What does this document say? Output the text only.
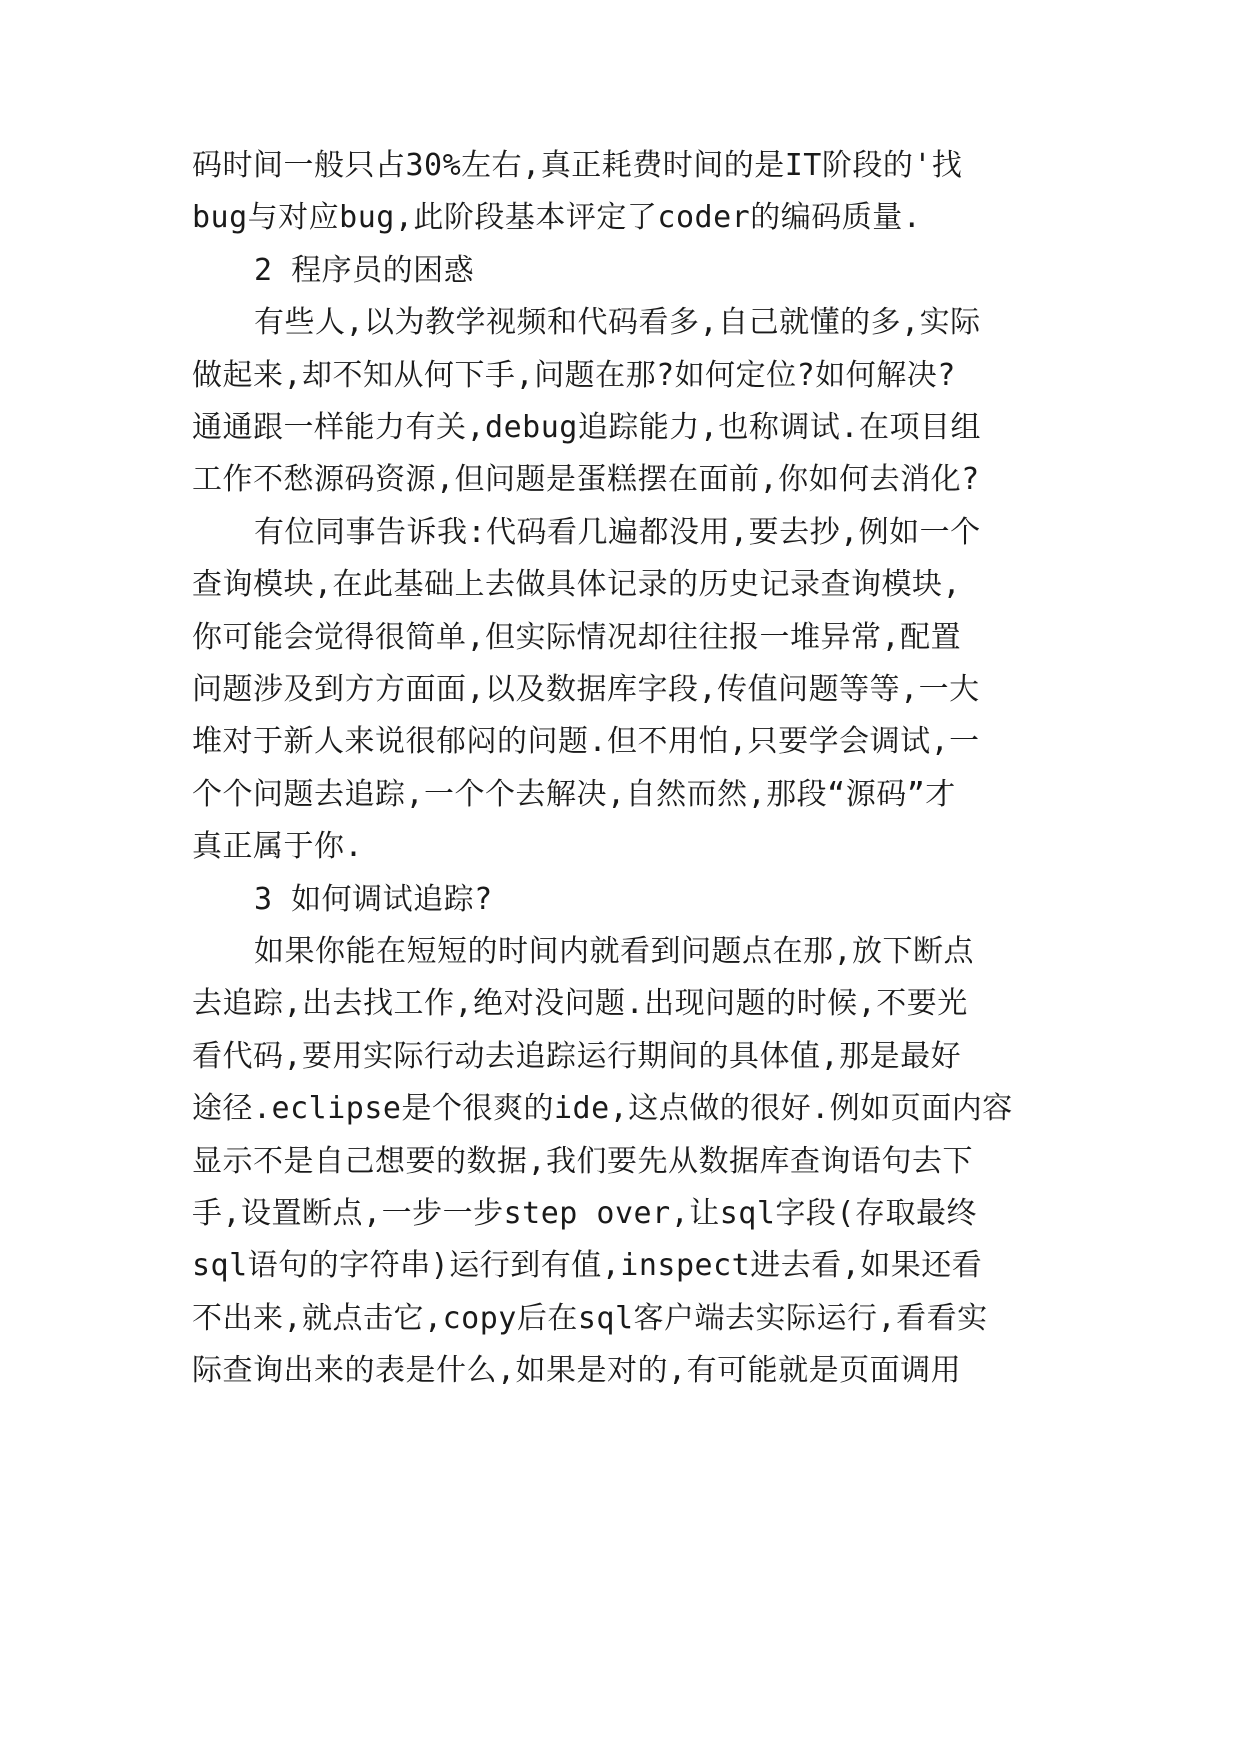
码时间一般只占30%左右,真正耗费时间的是IT阶段的'找
bug与对应bug,此阶段基本评定了coder的编码质量.
2 程序员的困惑
有些人,以为教学视频和代码看多,自己就懂的多,实际
做起来,却不知从何下手,问题在那?如何定位?如何解决?
通通跟一样能力有关,debug追踪能力,也称调试.在项目组
工作不愁源码资源,但问题是蛋糕摆在面前,你如何去消化?
有位同事告诉我:代码看几遍都没用,要去抄,例如一个
查询模块,在此基础上去做具体记录的历史记录查询模块,
你可能会觉得很简单,但实际情况却往往报一堆异常,配置
问题涉及到方方面面,以及数据库字段,传值问题等等,一大
堆对于新人来说很郁闷的问题.但不用怕,只要学会调试,一
个个问题去追踪,一个个去解决,自然而然,那段“源码”才
真正属于你.
3 如何调试追踪?
如果你能在短短的时间内就看到问题点在那,放下断点
去追踪,出去找工作,绝对没问题.出现问题的时候,不要光
看代码,要用实际行动去追踪运行期间的具体值,那是最好
途径.eclipse是个很爽的ide,这点做的很好.例如页面内容
显示不是自己想要的数据,我们要先从数据库查询语句去下
手,设置断点,一步一步step over,让sql字段(存取最终
sql语句的字符串)运行到有值,inspect进去看,如果还看
不出来,就点击它,copy后在sql客户端去实际运行,看看实
际查询出来的表是什么,如果是对的,有可能就是页面调用
